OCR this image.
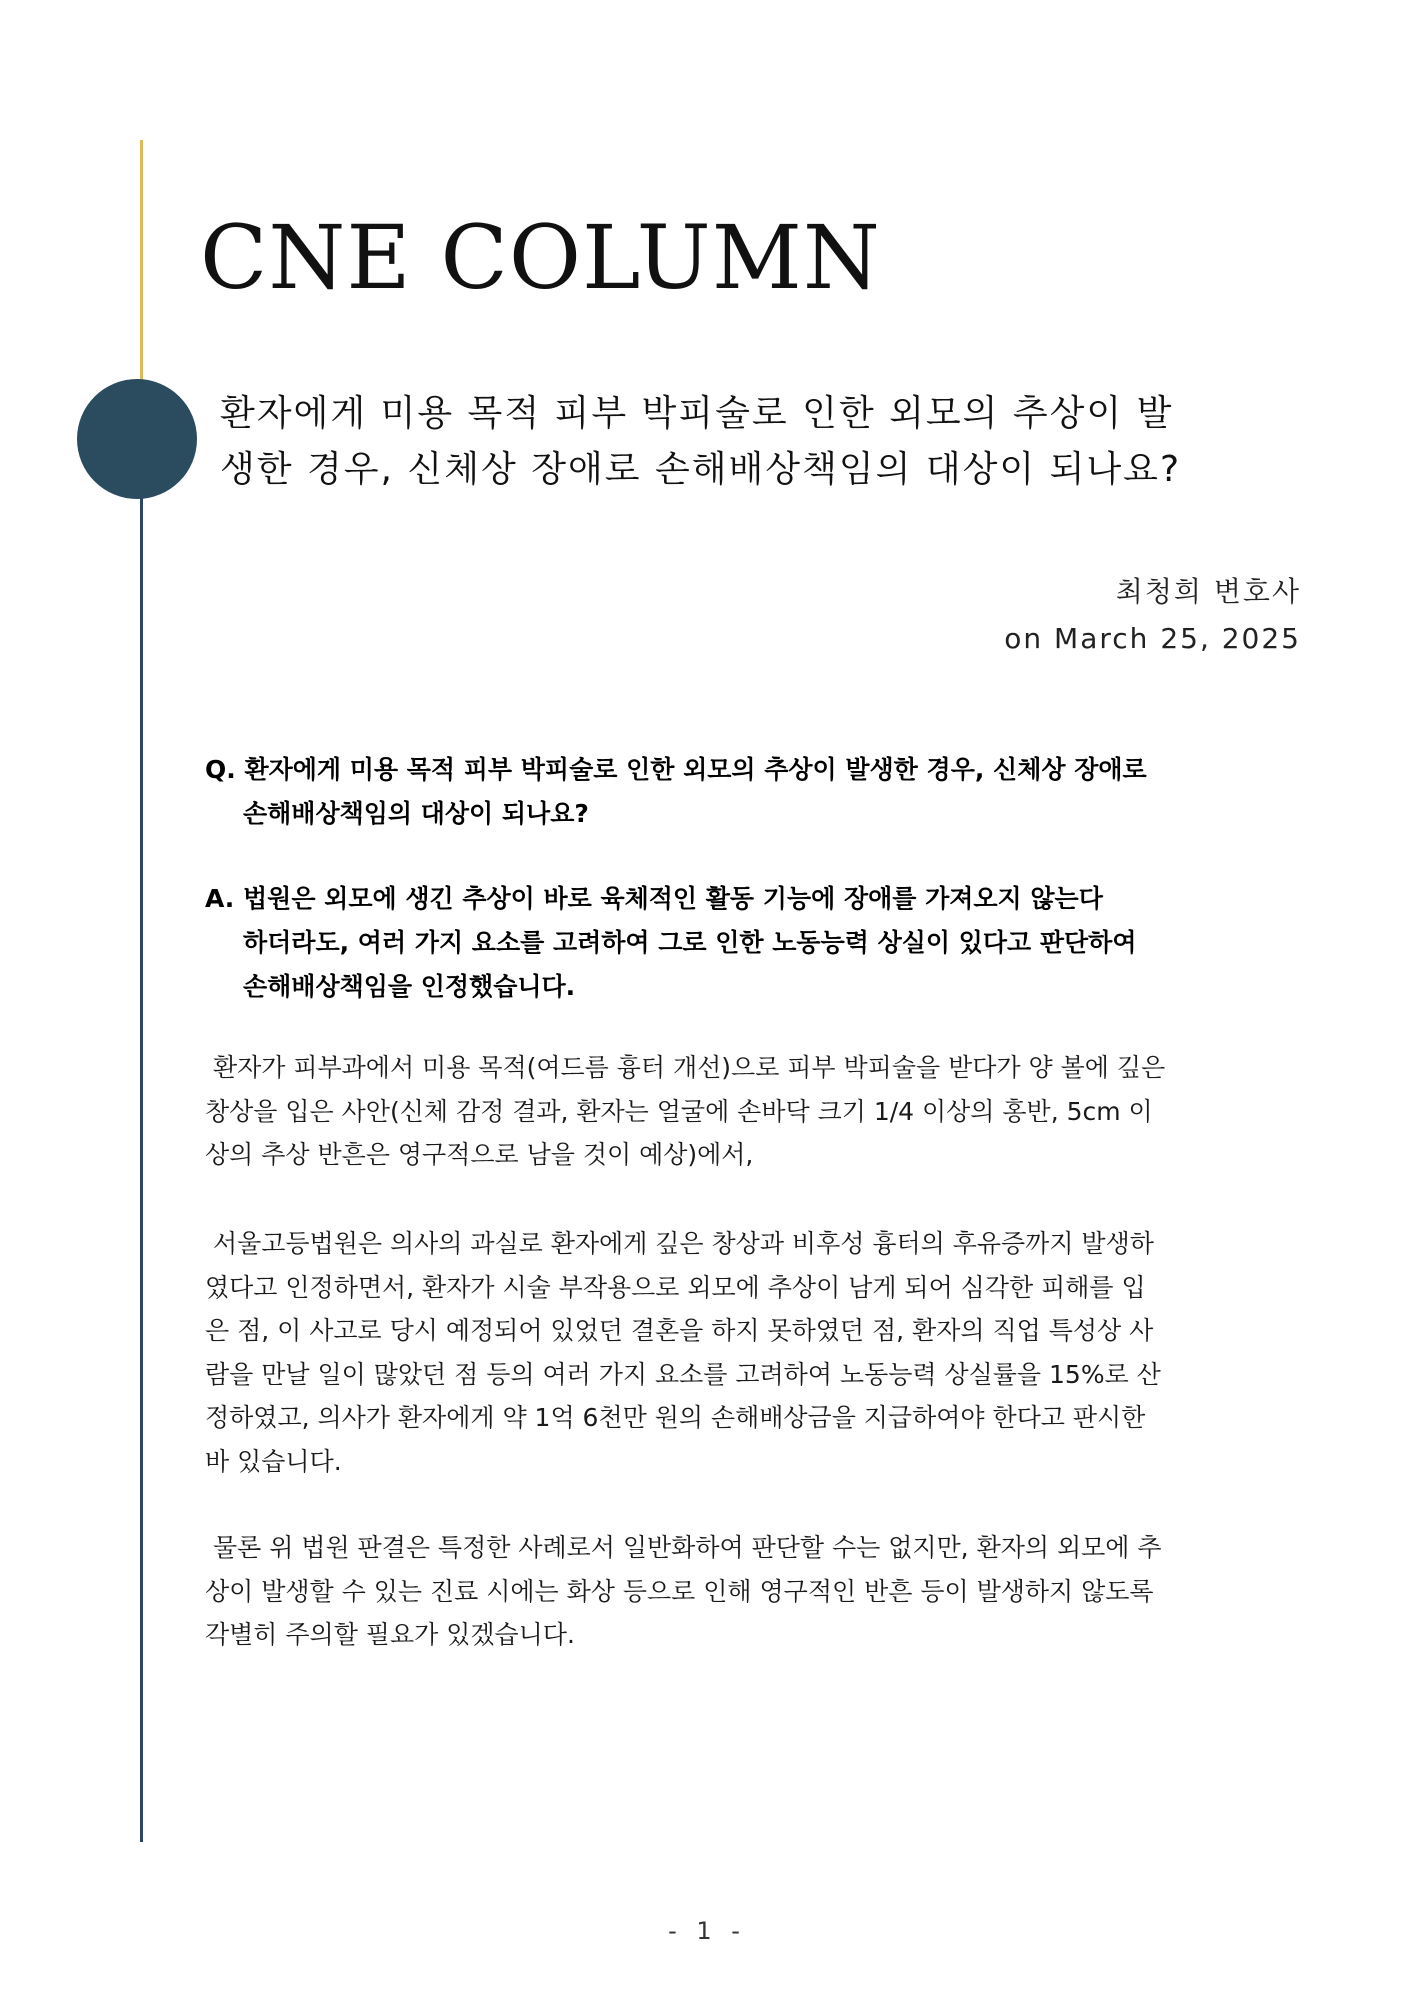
CNE COLUMN
환자에게 미용 목적 피부 박피술로 인한 외모의 추상이 발
생한 경우, 신체상 장애로 손해배상책임의 대상이 되나요?
최청희 변호사
on March 25, 2025
Q. 환자에게 미용 목적 피부 박피술로 인한 외모의 추상이 발생한 경우, 신체상 장애로
손해배상책임의 대상이 되나요?
A. 법원은 외모에 생긴 추상이 바로 육체적인 활동 기능에 장애를 가져오지 않는다
하더라도, 여러 가지 요소를 고려하여 그로 인한 노동능력 상실이 있다고 판단하여
손해배상책임을 인정했습니다.

환자가 피부과에서 미용 목적(여드름 흉터 개선)으로 피부 박피술을 받다가 양 볼에 깊은
창상을 입은 사안(신체 감정 결과, 환자는 얼굴에 손바닥 크기 1/4 이상의 홍반, 5cm 이
상의 추상 반흔은 영구적으로 남을 것이 예상)에서,

서울고등법원은 의사의 과실로 환자에게 깊은 창상과 비후성 흉터의 후유증까지 발생하
였다고 인정하면서, 환자가 시술 부작용으로 외모에 추상이 남게 되어 심각한 피해를 입
은 점, 이 사고로 당시 예정되어 있었던 결혼을 하지 못하였던 점, 환자의 직업 특성상 사
람을 만날 일이 많았던 점 등의 여러 가지 요소를 고려하여 노동능력 상실률을 15%로 산
정하였고, 의사가 환자에게 약 1억 6천만 원의 손해배상금을 지급하여야 한다고 판시한
바 있습니다.

물론 위 법원 판결은 특정한 사례로서 일반화하여 판단할 수는 없지만, 환자의 외모에 추
상이 발생할 수 있는 진료 시에는 화상 등으로 인해 영구적인 반흔 등이 발생하지 않도록
각별히 주의할 필요가 있겠습니다.

- 1 -
